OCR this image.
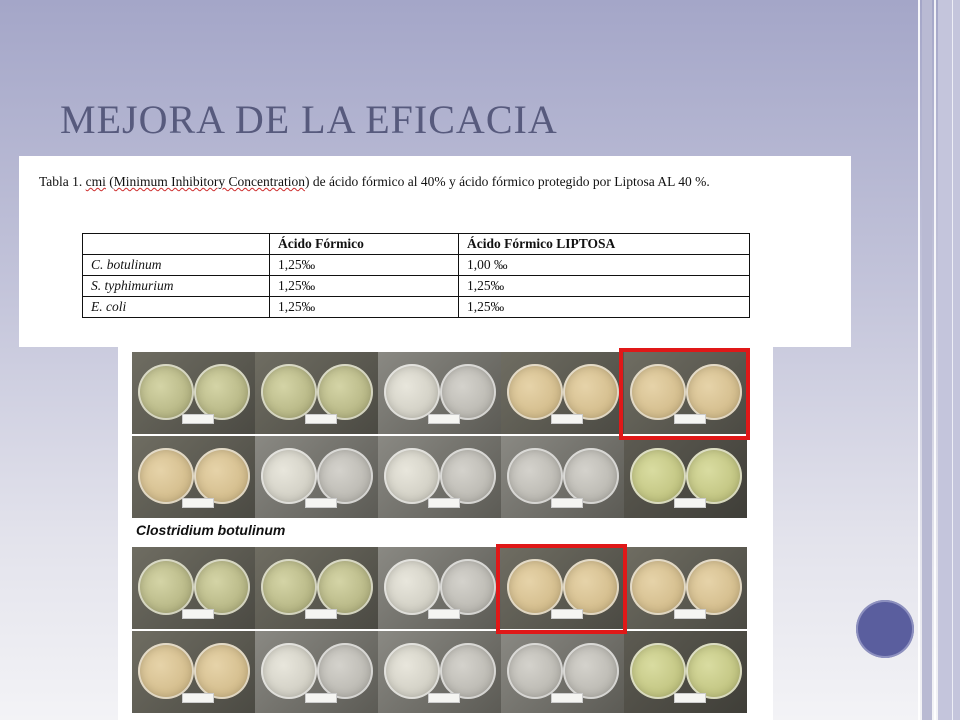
MEJORA DE LA EFICACIA
Clostridium botulinum
Tabla 1. cmi (Minimum Inhibitory Concentration) de ácido fórmico al 40% y ácido fórmico protegido por Liptosa AL 40 %.
	Ácido Fórmico	Ácido Fórmico LIPTOSA
C. botulinum	1,25‰	1,00 ‰
S. typhimurium	1,25‰	1,25‰
E. coli	1,25‰	1,25‰
